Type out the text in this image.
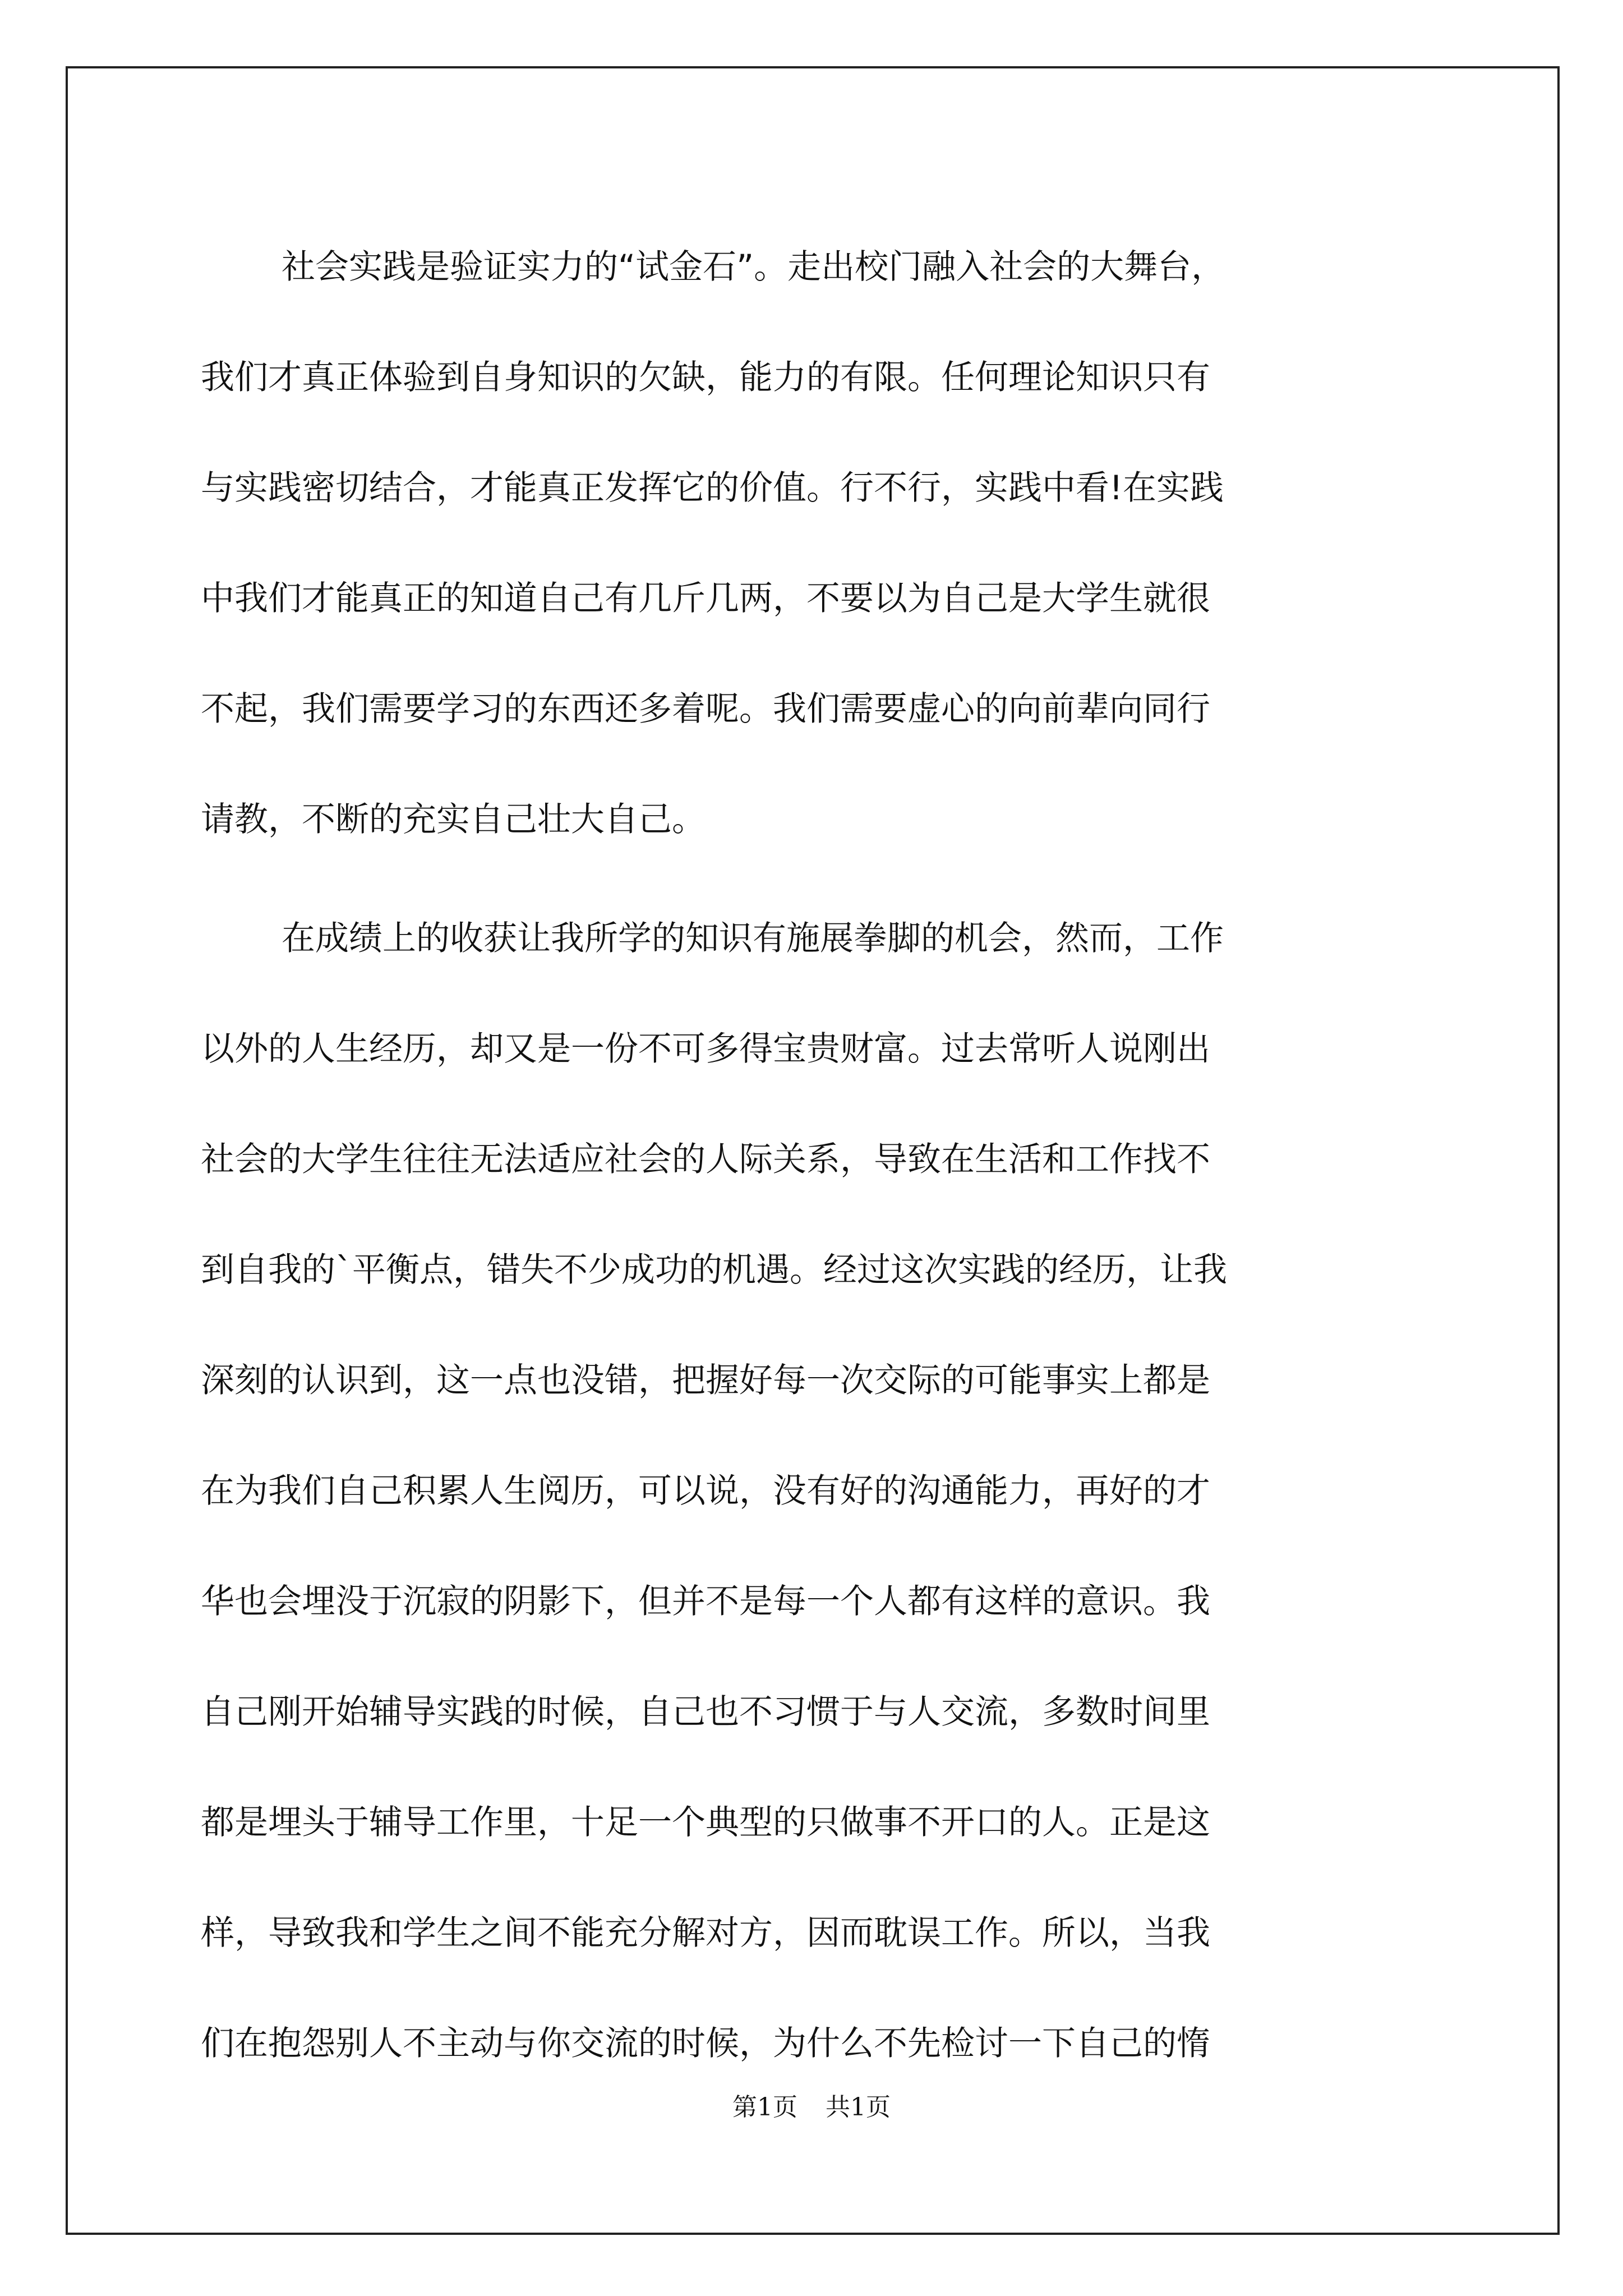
社会实践是验证实力的“试金石”。走出校门融入社会的大舞台，
我们才真正体验到自身知识的欠缺，能力的有限。任何理论知识只有
与实践密切结合，才能真正发挥它的价值。行不行，实践中看!在实践
中我们才能真正的知道自己有几斤几两，不要以为自己是大学生就很
不起，我们需要学习的东西还多着呢。我们需要虚心的向前辈向同行
请教，不断的充实自己壮大自己。
在成绩上的收获让我所学的知识有施展拳脚的机会，然而，工作
以外的人生经历，却又是一份不可多得宝贵财富。过去常听人说刚出
社会的大学生往往无法适应社会的人际关系，导致在生活和工作找不
到自我的`平衡点，错失不少成功的机遇。经过这次实践的经历，让我
深刻的认识到，这一点也没错，把握好每一次交际的可能事实上都是
在为我们自己积累人生阅历，可以说，没有好的沟通能力，再好的才
华也会埋没于沉寂的阴影下，但并不是每一个人都有这样的意识。我
自己刚开始辅导实践的时候，自己也不习惯于与人交流，多数时间里
都是埋头于辅导工作里，十足一个典型的只做事不开口的人。正是这
样，导致我和学生之间不能充分解对方，因而耽误工作。所以，当我
们在抱怨别人不主动与你交流的时候，为什么不先检讨一下自己的惰
第1页 共1页
